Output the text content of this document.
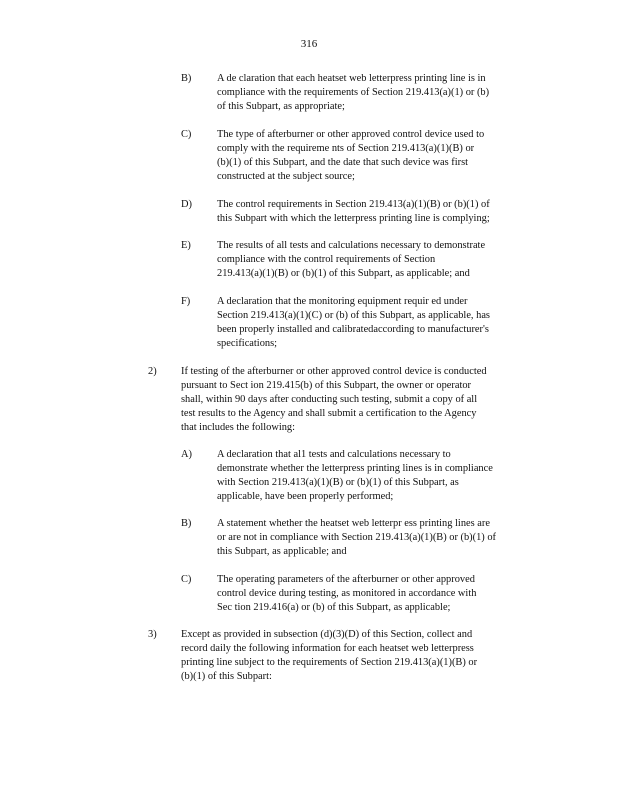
316
B) A de claration that each heatset web letterpress printing line is in
compliance with the requirements of Section 219.413(a)(1) or (b)
of this Subpart, as appropriate;
C) The type of afterburner or other approved control device used to
comply with the requireme nts of Section 219.413(a)(1)(B) or
(b)(1) of this Subpart, and the date that such device was first
constructed at the subject source;
D) The control requirements in Section 219.413(a)(1)(B) or (b)(1) of
this Subpart with which the letterpress printing line is complying;
E)	The results of all tests and calculations necessary to demonstrate
compliance with the control requirements of Section
219.413(a)(1)(B) or (b)(1) of this Subpart, as applicable; and
F)	A declaration that the monitoring equipment requir ed under
Section 219.413(a)(1)(C) or (b) of this Subpart, as applicable, has
been properly installed and calibratedaccording to manufacturer's
specifications;
2) If testing of the afterburner or other approved control device is conducted
pursuant to Sect ion 219.415(b) of this Subpart, the owner or operator
shall, within 90 days after conducting such testing, submit a copy of all
test results to the Agency and shall submit a certification to the Agency
that includes the following:
A) A declaration that al1 tests and calculations necessary to
demonstrate whether the letterpress printing lines is in compliance
with Section 219.413(a)(1)(B) or (b)(1) of this Subpart, as
applicable, have been properly performed;
B) A statement whether the heatset web letterpr ess printing lines are
or are not in compliance with Section 219.413(a)(1)(B) or (b)(1) of
this Subpart, as applicable; and
C) The operating parameters of the afterburner or other approved
control device during testing, as monitored in accordance with
Sec tion 219.416(a) or (b) of this Subpart, as applicable;
3) Except as provided in subsection (d)(3)(D) of this Section, collect and
record daily the following information for each heatset web letterpress
printing line subject to the requirements of Section 219.413(a)(1)(B) or
(b)(1) of this Subpart:
